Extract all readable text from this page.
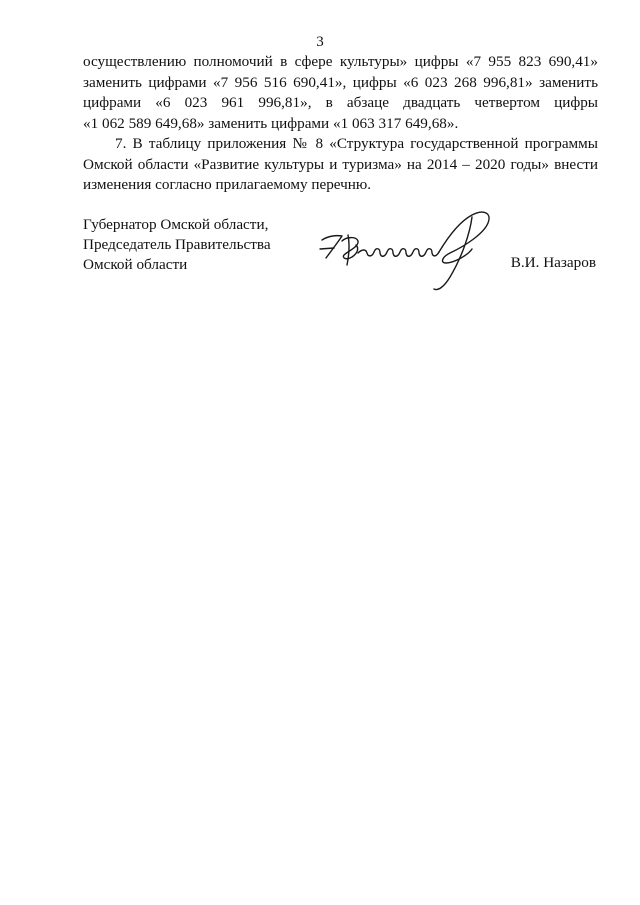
3
осуществлению полномочий в сфере культуры» цифры «7 955 823 690,41»
заменить цифрами «7 956 516 690,41», цифры «6 023 268 996,81» заменить
цифрами «6 023 961 996,81», в абзаце двадцать четвертом цифры
«1 062 589 649,68» заменить цифрами «1 063 317 649,68».
7. В таблицу приложения № 8 «Структура государственной программы
Омской области «Развитие культуры и туризма» на 2014 – 2020 годы» внести
изменения согласно прилагаемому перечню.
Губернатор Омской области,
Председатель Правительства
Омской области	В.И. Назаров
